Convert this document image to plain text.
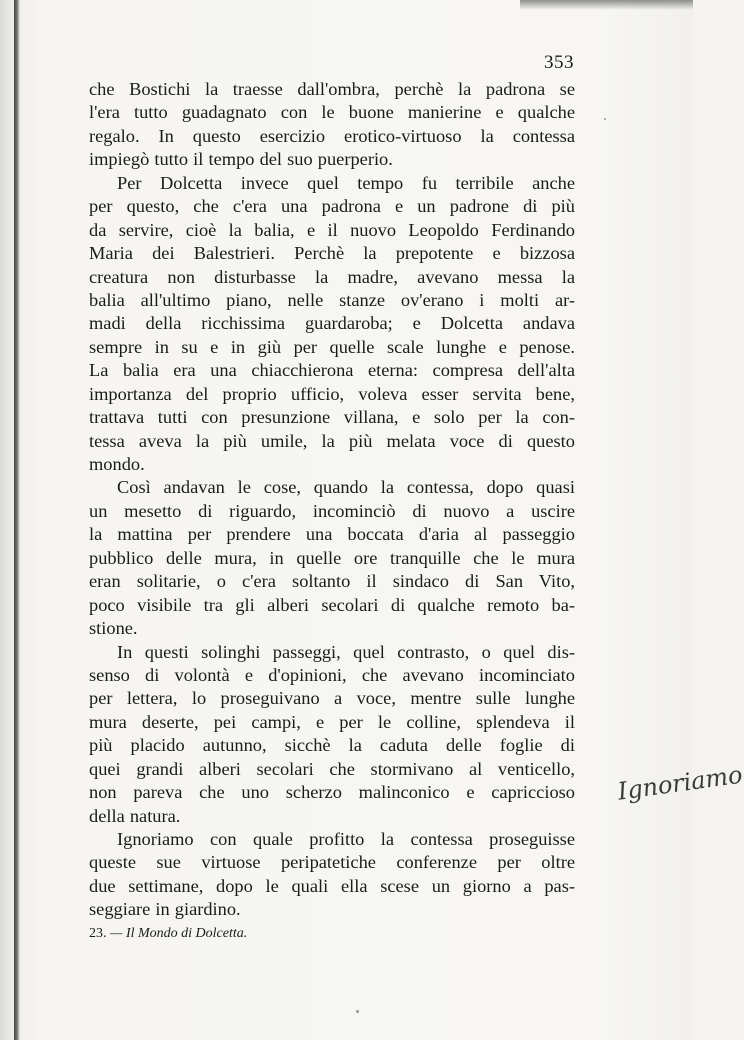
353
che Bostichi la traesse dall'ombra, perchè la padrona se
l'era tutto guadagnato con le buone manierine e qualche
regalo. In questo esercizio erotico-virtuoso la contessa
impiegò tutto il tempo del suo puerperio.
Per Dolcetta invece quel tempo fu terribile anche
per questo, che c'era una padrona e un padrone di più
da servire, cioè la balia, e il nuovo Leopoldo Ferdinando
Maria dei Balestrieri. Perchè la prepotente e bizzosa
creatura non disturbasse la madre, avevano messa la
balia all'ultimo piano, nelle stanze ov'erano i molti ar-
madi della ricchissima guardaroba; e Dolcetta andava
sempre in su e in giù per quelle scale lunghe e penose.
La balia era una chiacchierona eterna: compresa dell'alta
importanza del proprio ufficio, voleva esser servita bene,
trattava tutti con presunzione villana, e solo per la con-
tessa aveva la più umile, la più melata voce di questo
mondo.
Così andavan le cose, quando la contessa, dopo quasi
un mesetto di riguardo, incominciò di nuovo a uscire
la mattina per prendere una boccata d'aria al passeggio
pubblico delle mura, in quelle ore tranquille che le mura
eran solitarie, o c'era soltanto il sindaco di San Vito,
poco visibile tra gli alberi secolari di qualche remoto ba-
stione.
In questi solinghi passeggi, quel contrasto, o quel dis-
senso di volontà e d'opinioni, che avevano incominciato
per lettera, lo proseguivano a voce, mentre sulle lunghe
mura deserte, pei campi, e per le colline, splendeva il
più placido autunno, sicchè la caduta delle foglie di
quei grandi alberi secolari che stormivano al venticello,
non pareva che uno scherzo malinconico e capriccioso
della natura.
Ignoriamo con quale profitto la contessa proseguisse
queste sue virtuose peripatetiche conferenze per oltre
due settimane, dopo le quali ella scese un giorno a pas-
seggiare in giardino.
23. — Il Mondo di Dolcetta.
Ignoriamo
